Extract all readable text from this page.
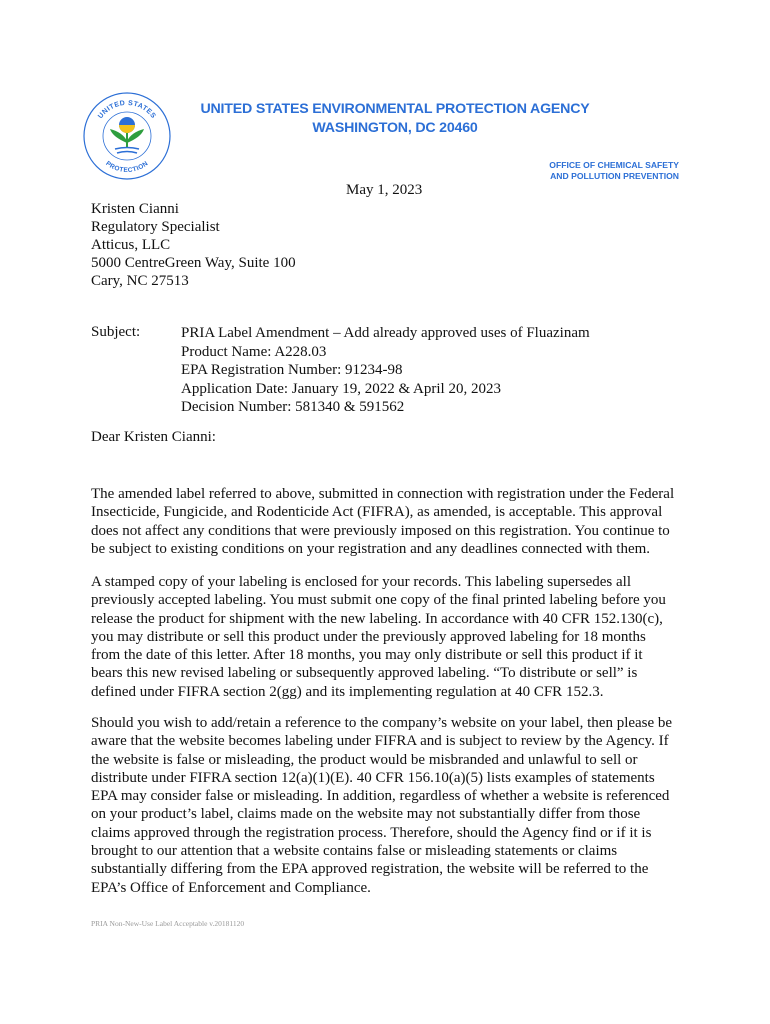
UNITED STATES
PROTECTION
UNITED STATES ENVIRONMENTAL PROTECTION AGENCY
WASHINGTON, DC 20460
OFFICE OF CHEMICAL SAFETY
AND POLLUTION PREVENTION
May 1, 2023
Kristen Cianni
Regulatory Specialist
Atticus, LLC
5000 CentreGreen Way, Suite 100
Cary, NC 27513
Subject:	PRIA Label Amendment – Add already approved uses of Fluazinam
Product Name: A228.03
EPA Registration Number: 91234-98
Application Date: January 19, 2022 & April 20, 2023
Decision Number: 581340 & 591562
Dear Kristen Cianni:
The amended label referred to above, submitted in connection with registration under the Federal
Insecticide, Fungicide, and Rodenticide Act (FIFRA), as amended, is acceptable. This approval
does not affect any conditions that were previously imposed on this registration. You continue to
be subject to existing conditions on your registration and any deadlines connected with them.
A stamped copy of your labeling is enclosed for your records. This labeling supersedes all
previously accepted labeling. You must submit one copy of the final printed labeling before you
release the product for shipment with the new labeling. In accordance with 40 CFR 152.130(c),
you may distribute or sell this product under the previously approved labeling for 18 months
from the date of this letter. After 18 months, you may only distribute or sell this product if it
bears this new revised labeling or subsequently approved labeling. “To distribute or sell” is
defined under FIFRA section 2(gg) and its implementing regulation at 40 CFR 152.3.
Should you wish to add/retain a reference to the company’s website on your label, then please be
aware that the website becomes labeling under FIFRA and is subject to review by the Agency. If
the website is false or misleading, the product would be misbranded and unlawful to sell or
distribute under FIFRA section 12(a)(1)(E). 40 CFR 156.10(a)(5) lists examples of statements
EPA may consider false or misleading. In addition, regardless of whether a website is referenced
on your product’s label, claims made on the website may not substantially differ from those
claims approved through the registration process. Therefore, should the Agency find or if it is
brought to our attention that a website contains false or misleading statements or claims
substantially differing from the EPA approved registration, the website will be referred to the
EPA’s Office of Enforcement and Compliance.
PRIA Non-New-Use Label Acceptable v.20181120
